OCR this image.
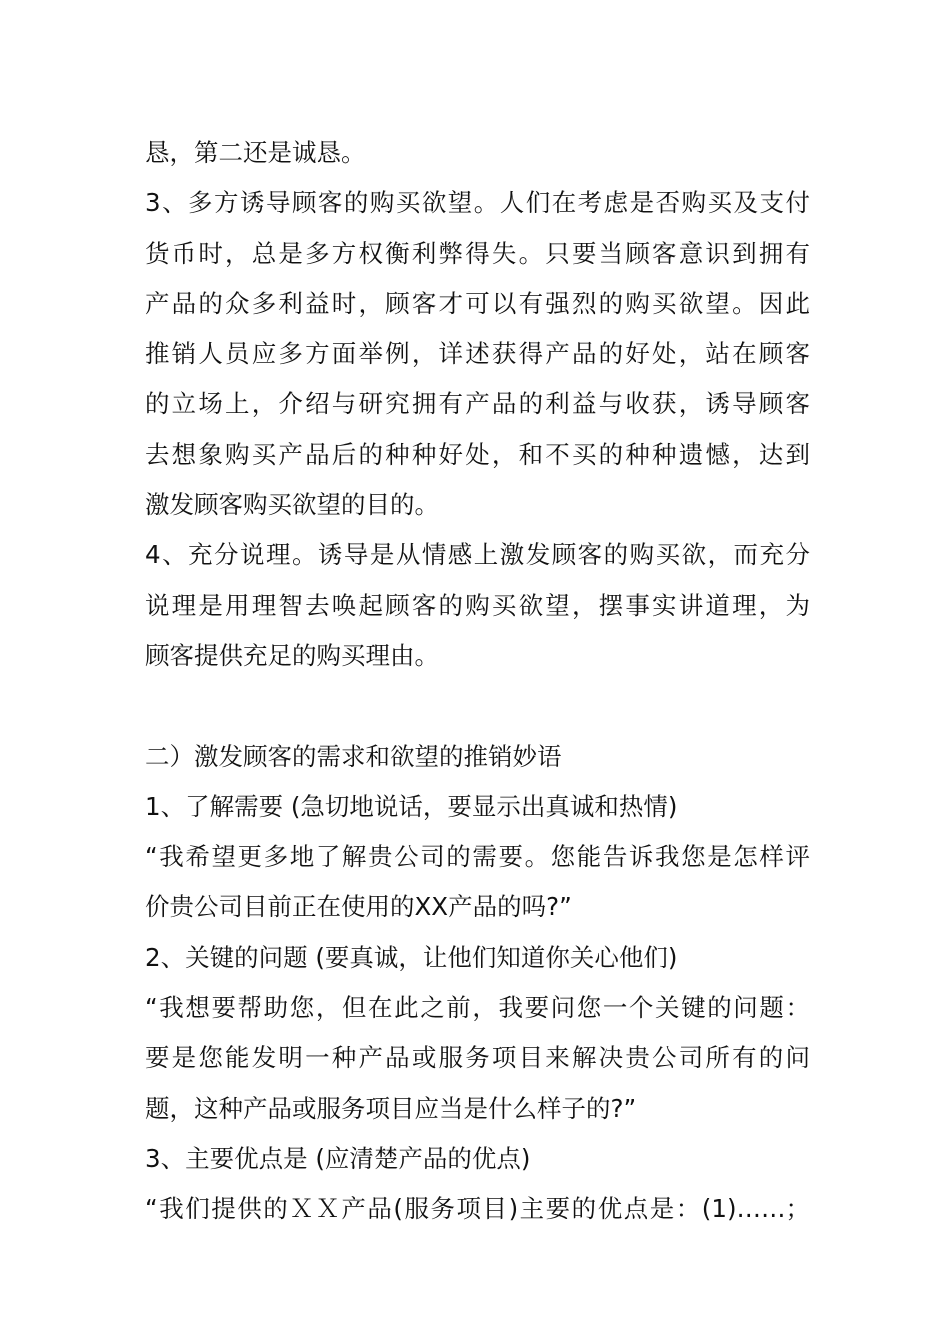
恳，第二还是诚恳。
3、多方诱导顾客的购买欲望。人们在考虑是否购买及支付
货币时，总是多方权衡利弊得失。只要当顾客意识到拥有
产品的众多利益时，顾客才可以有强烈的购买欲望。因此
推销人员应多方面举例，详述获得产品的好处，站在顾客
的立场上，介绍与研究拥有产品的利益与收获，诱导顾客
去想象购买产品后的种种好处，和不买的种种遗憾，达到
激发顾客购买欲望的目的。
4、充分说理。诱导是从情感上激发顾客的购买欲，而充分
说理是用理智去唤起顾客的购买欲望，摆事实讲道理，为
顾客提供充足的购买理由。
二）激发顾客的需求和欲望的推销妙语
1、了解需要 (急切地说话，要显示出真诚和热情)
“我希望更多地了解贵公司的需要。您能告诉我您是怎样评
价贵公司目前正在使用的XX产品的吗?”
2、关键的问题 (要真诚，让他们知道你关心他们)
“我想要帮助您，但在此之前，我要问您一个关键的问题：
要是您能发明一种产品或服务项目来解决贵公司所有的问
题，这种产品或服务项目应当是什么样子的?”
3、主要优点是 (应清楚产品的优点)
“我们提供的ＸＸ产品(服务项目)主要的优点是：(1)……；
